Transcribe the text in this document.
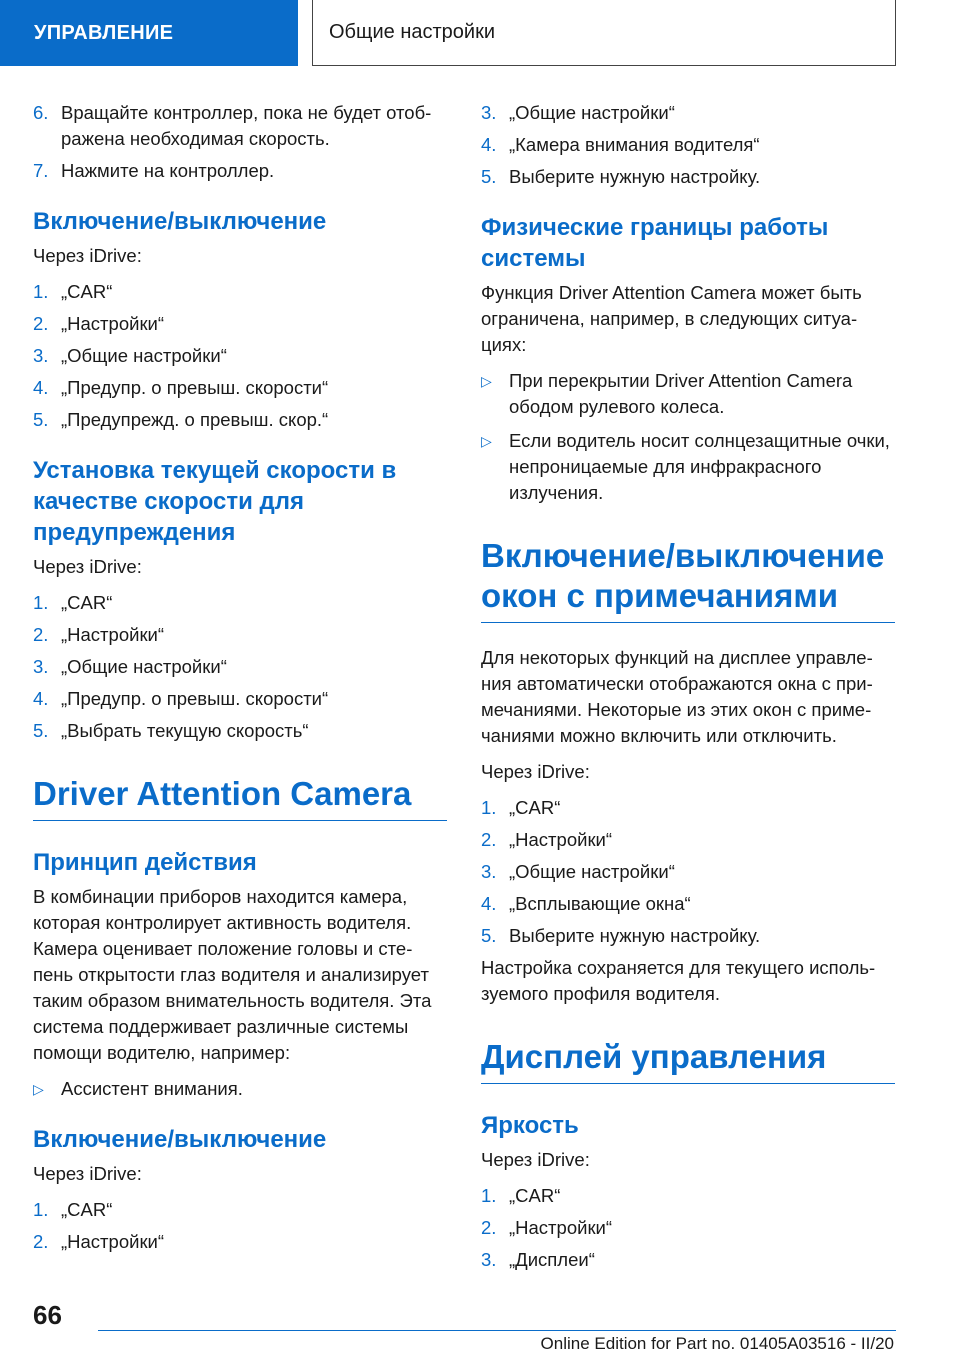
УПРАВЛЕНИЕ	Общие настройки
6. Вращайте контроллер, пока не будет отоб-ражена необходимая скорость.
7. Нажмите на контроллер.
Включение/выключение

Через iDrive:

1. „CAR“
2. „Настройки“
3. „Общие настройки“
4. „Предупр. о превыш. скорости“
5. „Предупрежд. о превыш. скор.“
Установка текущей скорости в качестве скорости для предупреждения

Через iDrive:

1. „CAR“
2. „Настройки“
3. „Общие настройки“
4. „Предупр. о превыш. скорости“
5. „Выбрать текущую скорость“
Driver Attention Camera
Принцип действия

В комбинации приборов находится камера, которая контролирует активность водителя. Камера оценивает положение головы и сте-пень открытости глаз водителя и анализирует таким образом внимательность водителя. Эта система поддерживает различные системы помощи водителю, например:

▷ Ассистент внимания.
Включение/выключение

Через iDrive:

1. „CAR“
2. „Настройки“
3. „Общие настройки“
4. „Камера внимания водителя“
5. Выберите нужную настройку.
Физические границы работы системы

Функция Driver Attention Camera может быть ограничена, например, в следующих ситуа-циях:

▷ При перекрытии Driver Attention Camera ободом рулевого колеса.
▷ Если водитель носит солнцезащитные очки, непроницаемые для инфракрасного излучения.
Включение/выключение окон с примечаниями

Для некоторых функций на дисплее управле-ния автоматически отображаются окна с при-мечаниями. Некоторые из этих окон с приме-чаниями можно включить или отключить.

Через iDrive:

1. „CAR“
2. „Настройки“
3. „Общие настройки“
4. „Всплывающие окна“
5. Выберите нужную настройку.

Настройка сохраняется для текущего исполь-зуемого профиля водителя.

Дисплей управления
Яркость

Через iDrive:

1. „CAR“
2. „Настройки“
3. „Дисплеи“
66
Online Edition for Part no. 01405A03516 - II/20
